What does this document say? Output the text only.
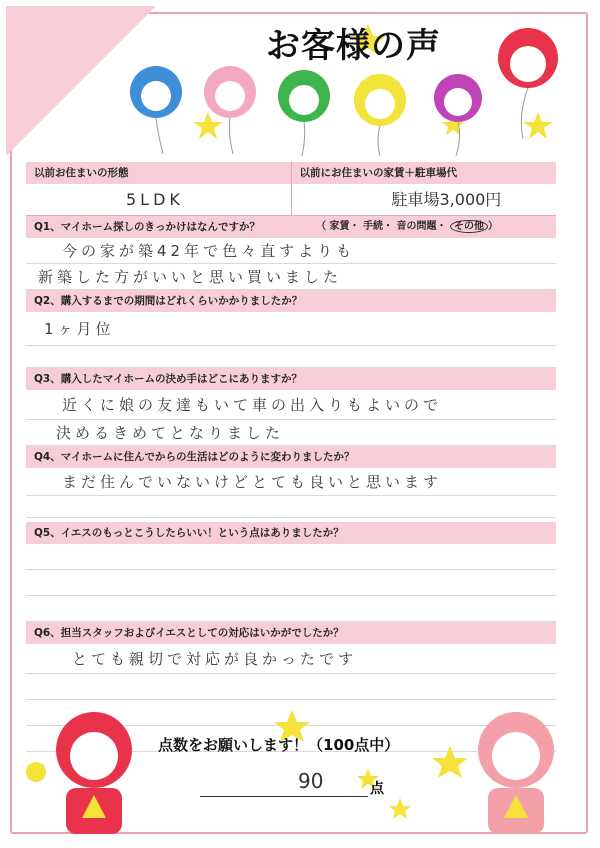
お客様の声
以前お住まいの形態	以前にお住まいの家賃＋駐車場代
5LDK	駐車場3,000円
Q1、マイホーム探しのきっかけはなんですか？	（ 家賃・ 手続・ 音の問題・ その他 ）
今の家が築42年で色々直すよりも
新築した方がいいと思い買いました
Q2、購入するまでの期間はどれくらいかかりましたか？
1ヶ月位
Q3、購入したマイホームの決め手はどこにありますか？
近くに娘の友達もいて車の出入りもよいので
決めるきめてとなりました
Q4、マイホームに住んでからの生活はどのように変わりましたか？
まだ住んでいないけどとても良いと思います
Q5、イエスのもっとこうしたらいい！という点はありましたか？
Q6、担当スタッフおよびイエスとしての対応はいかがでしたか？
とても親切で対応が良かったです
点数をお願いします！（100点中）
90	点
